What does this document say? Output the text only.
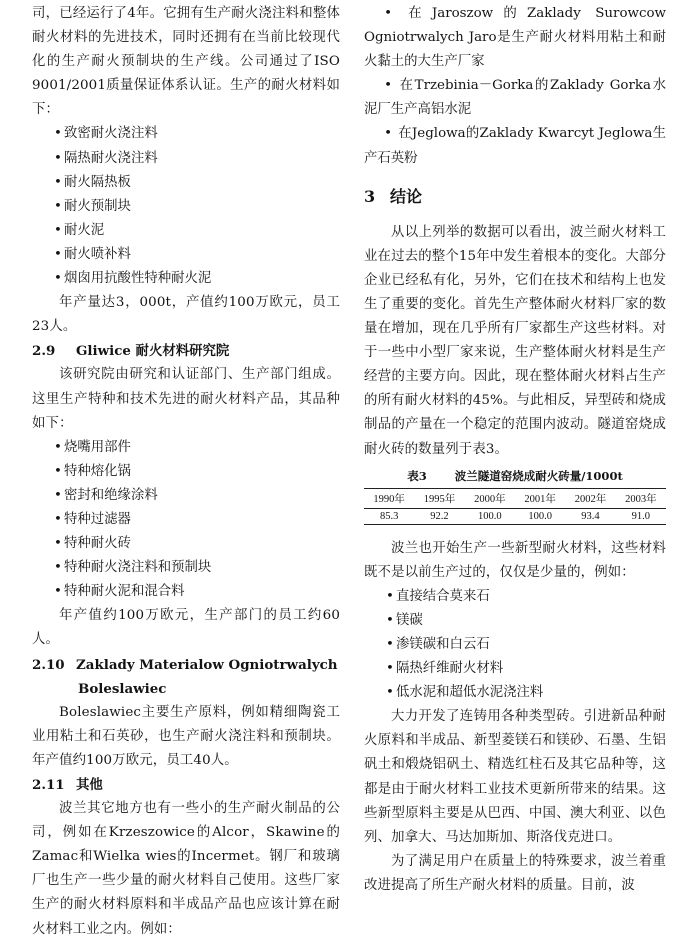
司，已经运行了4年。它拥有生产耐火浇注料和整体耐火材料的先进技术，同时还拥有在当前比较现代化的生产耐火预制块的生产线。公司通过了ISO 9001/2001质量保证体系认证。生产的耐火材料如下：

• 致密耐火浇注料
• 隔热耐火浇注料
• 耐火隔热板
• 耐火预制块
• 耐火泥
• 耐火喷补料
• 烟囱用抗酸性特种耐火泥

年产量达3，000t，产值约100万欧元，员工23人。

2.9 Gliwice 耐火材料研究院

该研究院由研究和认证部门、生产部门组成。这里生产特种和技术先进的耐火材料产品，其品种如下：

• 烧嘴用部件
• 特种熔化锅
• 密封和绝缘涂料
• 特种过滤器
• 特种耐火砖
• 特种耐火浇注料和预制块
• 特种耐火泥和混合料

年产值约100万欧元，生产部门的员工约60人。

2.10 Zaklady Materialow Ogniotrwalych

Boleslawiec

Boleslawiec主要生产原料，例如精细陶瓷工业用粘土和石英砂，也生产耐火浇注料和预制块。年产值约100万欧元，员工40人。

2.11 其他

波兰其它地方也有一些小的生产耐火制品的公司，例如在Krzeszowice的Alcor，Skawine的Zamac和Wielka wies的Incermet。钢厂和玻璃厂也生产一些少量的耐火材料自己使用。这些厂家生产的耐火材料原料和半成品产品也应该计算在耐火材料工业之内。例如：

• 在Jaroszow的Zaklady Surowcow Ogniotrwalych Jaro是生产耐火材料用粘土和耐火黏土的大生产厂家
• 在Trzebinia－Gorka的Zaklady Gorka水泥厂生产高铝水泥
• 在Jeglowa的Zaklady Kwarcyt Jeglowa生产石英粉

3 结论

从以上列举的数据可以看出，波兰耐火材料工业在过去的整个15年中发生着根本的变化。大部分企业已经私有化，另外，它们在技术和结构上也发生了重要的变化。首先生产整体耐火材料厂家的数量在增加，现在几乎所有厂家都生产这些材料。对于一些中小型厂家来说，生产整体耐火材料是生产经营的主要方向。因此，现在整体耐火材料占生产的所有耐火材料的45%。与此相反，异型砖和烧成制品的产量在一个稳定的范围内波动。隧道窑烧成耐火砖的数量列于表3。

表3 波兰隧道窑烧成耐火砖量/1000t
1990年	1995年	2000年	2001年	2002年	2003年
85.3	92.2	100.0	100.0	93.4	91.0

波兰也开始生产一些新型耐火材料，这些材料既不是以前生产过的，仅仅是少量的，例如：

• 直接结合莫来石
• 镁碳
• 渗镁碳和白云石
• 隔热纤维耐火材料
• 低水泥和超低水泥浇注料

大力开发了连铸用各种类型砖。引进新品种耐火原料和半成品、新型菱镁石和镁砂、石墨、生铝矾土和煅烧铝矾土、精选红柱石及其它品种等，这都是由于耐火材料工业技术更新所带来的结果。这些新型原料主要是从巴西、中国、澳大利亚、以色列、加拿大、马达加斯加、斯洛伐克进口。

为了满足用户在质量上的特殊要求，波兰着重改进提高了所生产耐火材料的质量。目前，波
